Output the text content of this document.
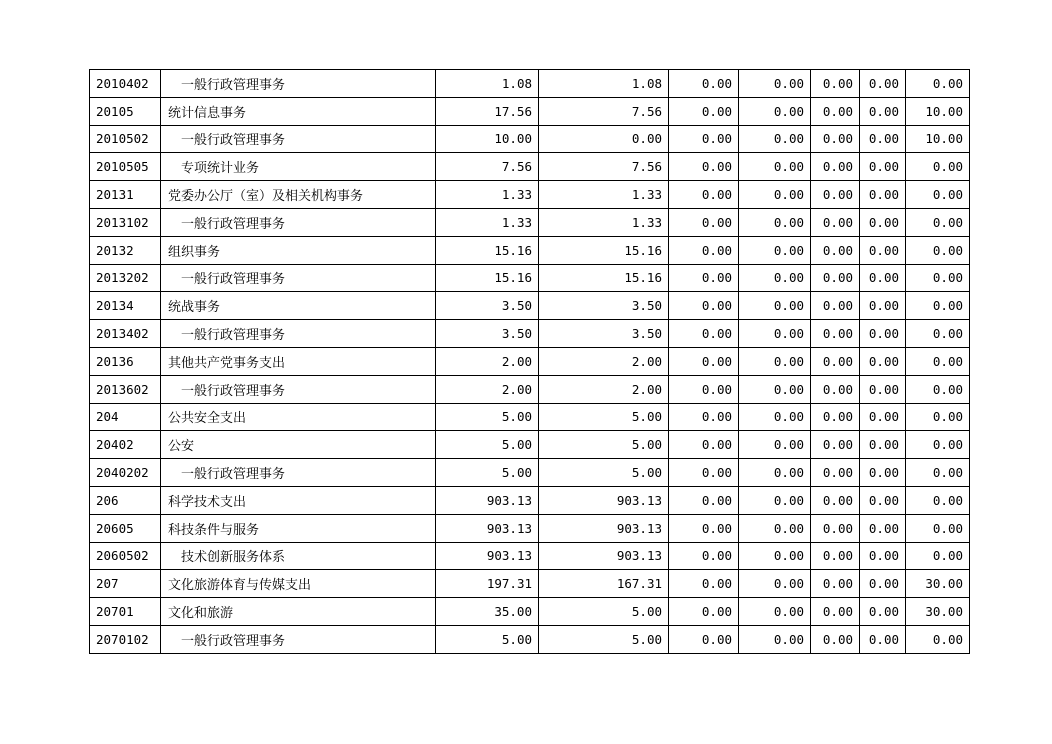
2010402	一般行政管理事务	1.08	1.08	0.00	0.00	0.00	0.00	0.00
20105	统计信息事务	17.56	7.56	0.00	0.00	0.00	0.00	10.00
2010502	一般行政管理事务	10.00	0.00	0.00	0.00	0.00	0.00	10.00
2010505	专项统计业务	7.56	7.56	0.00	0.00	0.00	0.00	0.00
20131	党委办公厅（室）及相关机构事务	1.33	1.33	0.00	0.00	0.00	0.00	0.00
2013102	一般行政管理事务	1.33	1.33	0.00	0.00	0.00	0.00	0.00
20132	组织事务	15.16	15.16	0.00	0.00	0.00	0.00	0.00
2013202	一般行政管理事务	15.16	15.16	0.00	0.00	0.00	0.00	0.00
20134	统战事务	3.50	3.50	0.00	0.00	0.00	0.00	0.00
2013402	一般行政管理事务	3.50	3.50	0.00	0.00	0.00	0.00	0.00
20136	其他共产党事务支出	2.00	2.00	0.00	0.00	0.00	0.00	0.00
2013602	一般行政管理事务	2.00	2.00	0.00	0.00	0.00	0.00	0.00
204	公共安全支出	5.00	5.00	0.00	0.00	0.00	0.00	0.00
20402	公安	5.00	5.00	0.00	0.00	0.00	0.00	0.00
2040202	一般行政管理事务	5.00	5.00	0.00	0.00	0.00	0.00	0.00
206	科学技术支出	903.13	903.13	0.00	0.00	0.00	0.00	0.00
20605	科技条件与服务	903.13	903.13	0.00	0.00	0.00	0.00	0.00
2060502	技术创新服务体系	903.13	903.13	0.00	0.00	0.00	0.00	0.00
207	文化旅游体育与传媒支出	197.31	167.31	0.00	0.00	0.00	0.00	30.00
20701	文化和旅游	35.00	5.00	0.00	0.00	0.00	0.00	30.00
2070102	一般行政管理事务	5.00	5.00	0.00	0.00	0.00	0.00	0.00
